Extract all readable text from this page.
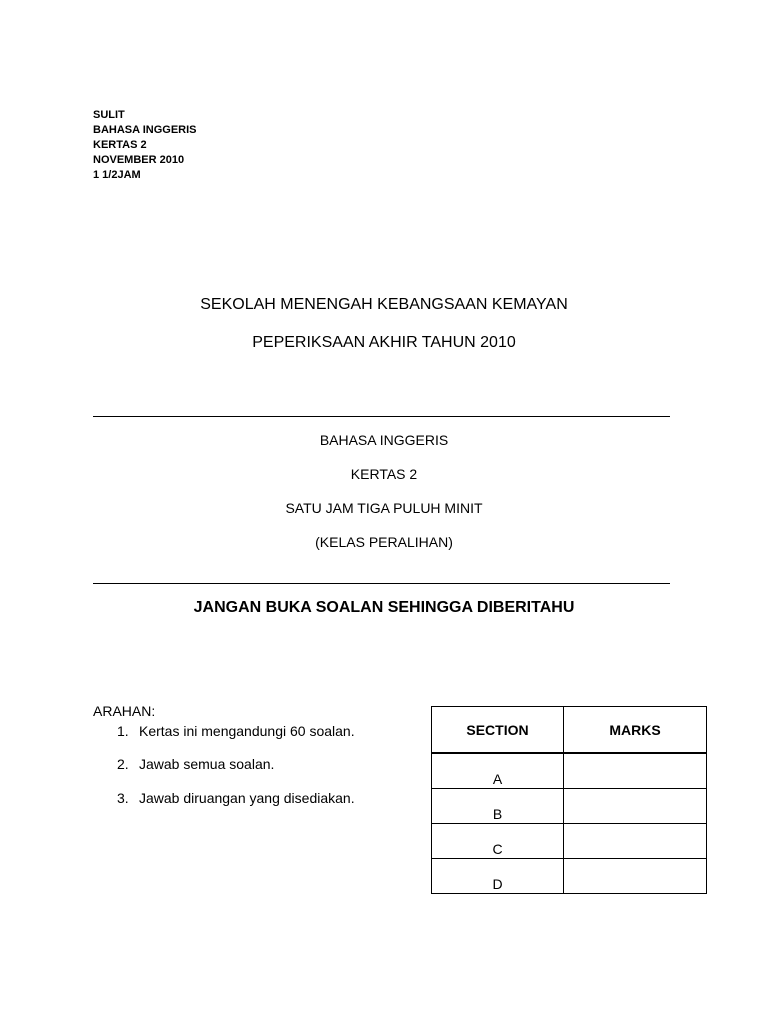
SULIT
BAHASA INGGERIS
KERTAS 2
NOVEMBER 2010
1 1/2JAM
SEKOLAH MENENGAH KEBANGSAAN KEMAYAN
PEPERIKSAAN AKHIR TAHUN 2010
BAHASA INGGERIS
KERTAS 2
SATU JAM TIGA PULUH MINIT
(KELAS PERALIHAN)
JANGAN BUKA SOALAN SEHINGGA DIBERITAHU
ARAHAN:
1. Kertas ini mengandungi 60 soalan.
2. Jawab semua soalan.
3. Jawab diruangan yang disediakan.
SECTION	MARKS
A	
B	
C	
D	
